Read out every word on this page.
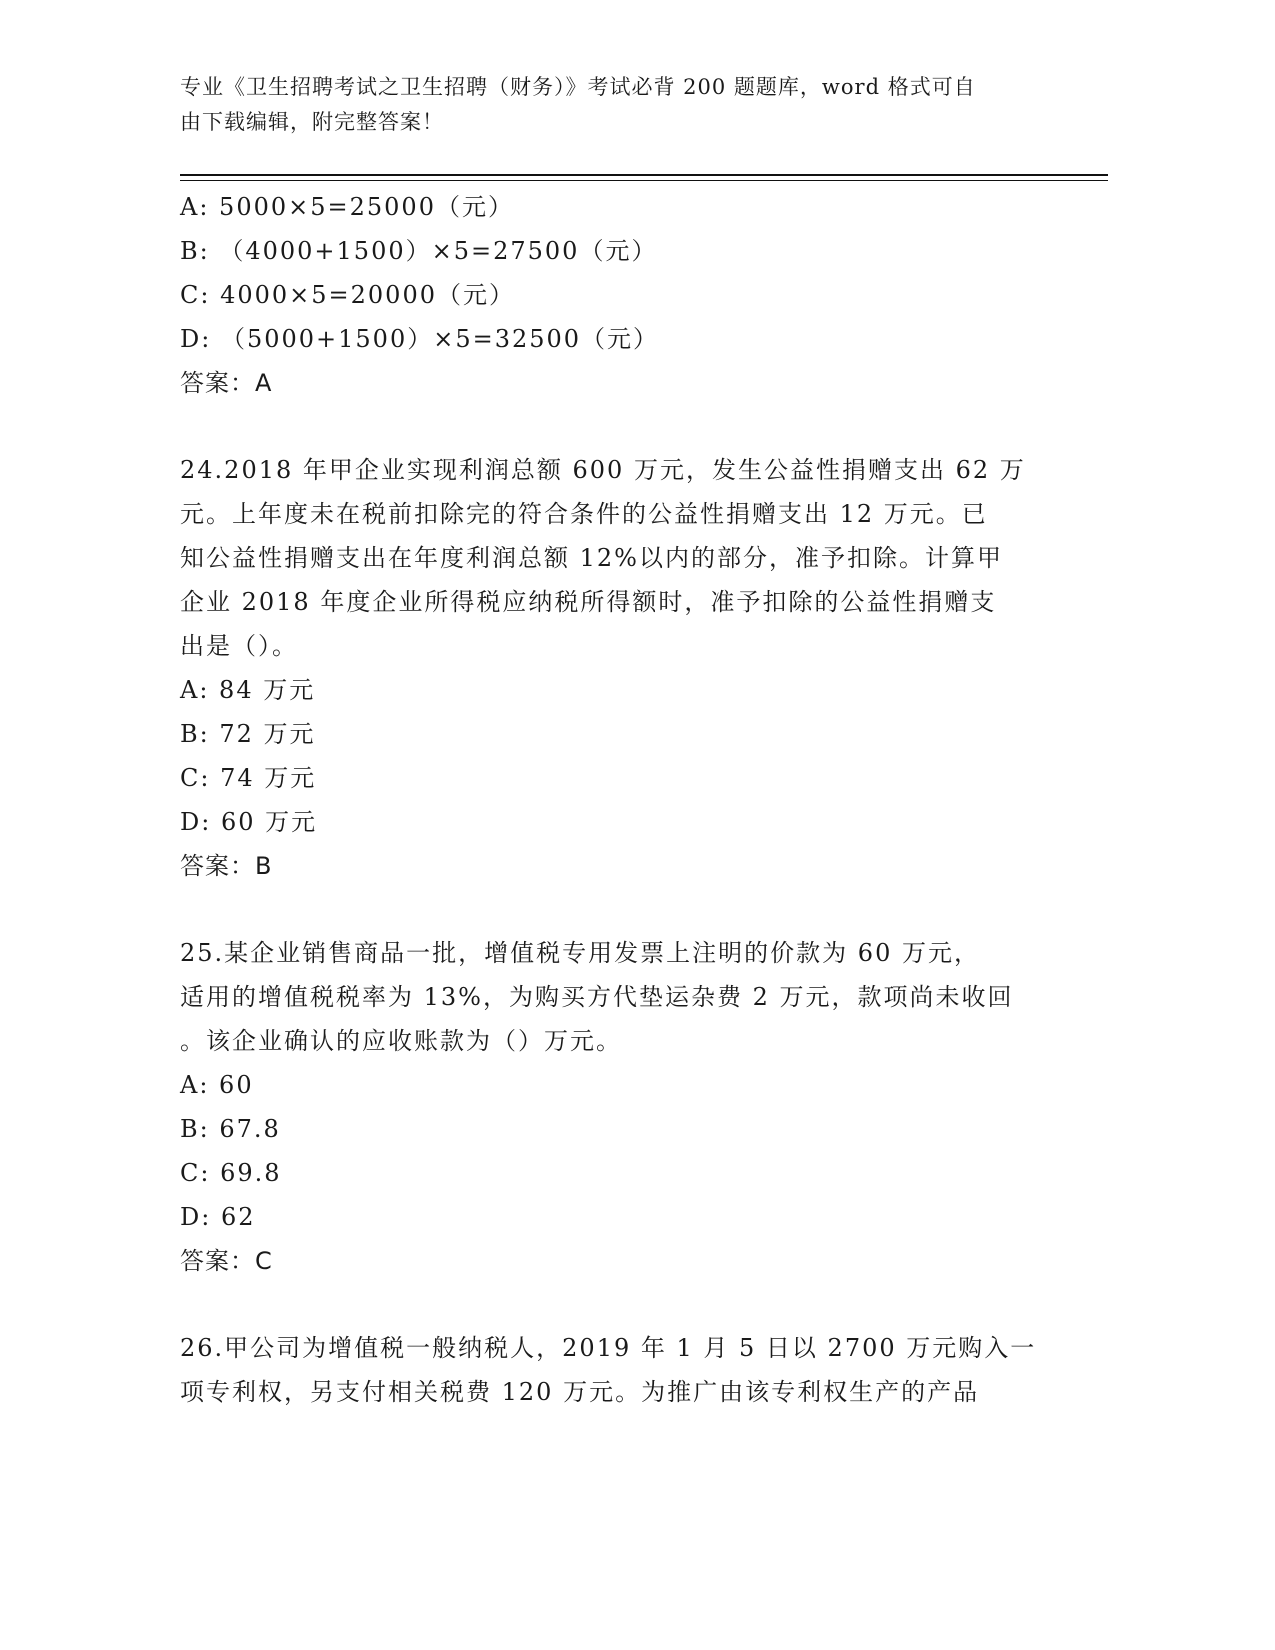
专业《卫生招聘考试之卫生招聘（财务）》考试必背 200 题题库，word 格式可自
由下载编辑，附完整答案！
A: 5000×5=25000（元）
B: （4000+1500）×5=27500（元）
C: 4000×5=20000（元）
D: （5000+1500）×5=32500（元）
答案：A
24.2018 年甲企业实现利润总额 600 万元，发生公益性捐赠支出 62 万
元。上年度未在税前扣除完的符合条件的公益性捐赠支出 12 万元。已
知公益性捐赠支出在年度利润总额 12%以内的部分，准予扣除。计算甲
企业 2018 年度企业所得税应纳税所得额时，准予扣除的公益性捐赠支
出是（）。
A: 84 万元
B: 72 万元
C: 74 万元
D: 60 万元
答案：B
25.某企业销售商品一批，增值税专用发票上注明的价款为 60 万元，
适用的增值税税率为 13%，为购买方代垫运杂费 2 万元，款项尚未收回
。该企业确认的应收账款为（）万元。
A: 60
B: 67.8
C: 69.8
D: 62
答案：C
26.甲公司为增值税一般纳税人，2019 年 1 月 5 日以 2700 万元购入一
项专利权，另支付相关税费 120 万元。为推广由该专利权生产的产品
